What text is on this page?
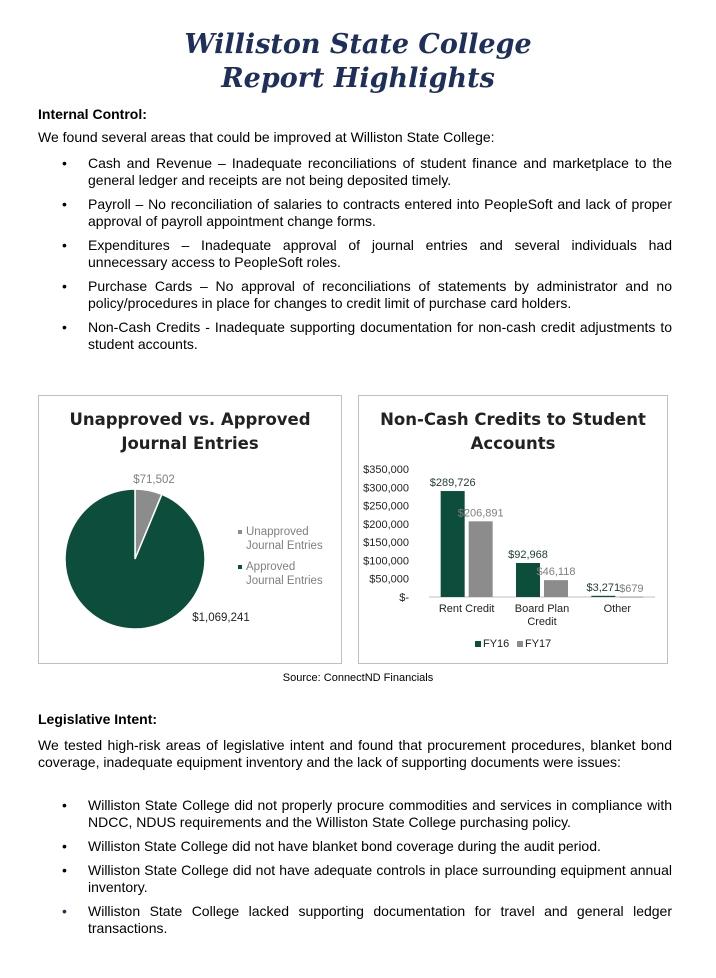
Williston State College
Report Highlights
Internal Control:
We found several areas that could be improved at Williston State College:
• Cash and Revenue – Inadequate reconciliations of student finance and marketplace to the general ledger and receipts are not being deposited timely.
• Payroll – No reconciliation of salaries to contracts entered into PeopleSoft and lack of proper approval of payroll appointment change forms.
• Expenditures – Inadequate approval of journal entries and several individuals had unnecessary access to PeopleSoft roles.
• Purchase Cards – No approval of reconciliations of statements by administrator and no policy/procedures in place for changes to credit limit of purchase card holders.
• Non-Cash Credits - Inadequate supporting documentation for non-cash credit adjustments to student accounts.
Unapproved vs. Approved
Journal Entries
$71,502
$1,069,241
Unapproved
Journal Entries
Approved
Journal Entries
Non-Cash Credits to Student
Accounts
$-
$50,000
$100,000
$150,000
$200,000
$250,000
$300,000
$350,000
$289,726
$206,891
Rent Credit
$92,968
$46,118
Board Plan
Credit
$3,271
$679
Other
FY16 FY17
Source: ConnectND Financials
Legislative Intent:
We tested high-risk areas of legislative intent and found that procurement procedures, blanket bond coverage, inadequate equipment inventory and the lack of supporting documents were issues:
• Williston State College did not properly procure commodities and services in compliance with NDCC, NDUS requirements and the Williston State College purchasing policy.
• Williston State College did not have blanket bond coverage during the audit period.
• Williston State College did not have adequate controls in place surrounding equipment annual inventory.
• Williston State College lacked supporting documentation for travel and general ledger transactions.
